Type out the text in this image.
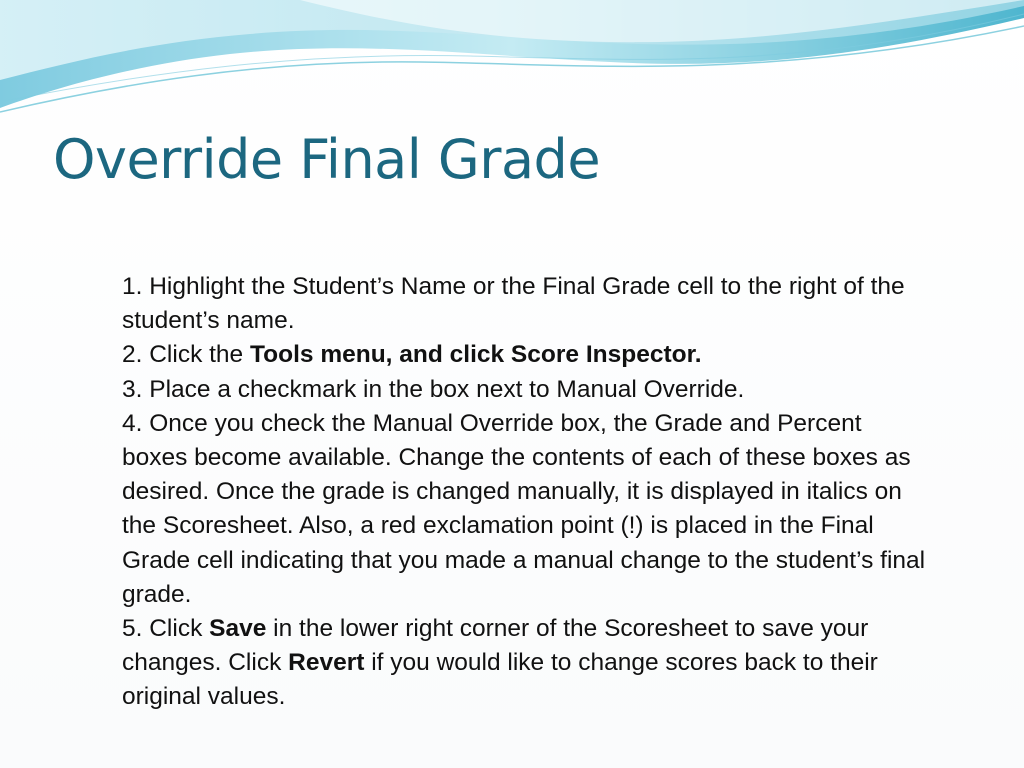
Override Final Grade

1. Highlight the Student’s Name or the Final Grade cell to the right of the student’s name.

2. Click the Tools menu, and click Score Inspector.

3. Place a checkmark in the box next to Manual Override.

4. Once you check the Manual Override box, the Grade and Percent boxes become available. Change the contents of each of these boxes as desired. Once the grade is changed manually, it is displayed in italics on the Scoresheet. Also, a red exclamation point (!) is placed in the Final Grade cell indicating that you made a manual change to the student’s final grade.

5. Click Save in the lower right corner of the Scoresheet to save your changes. Click Revert if you would like to change scores back to their original values.
